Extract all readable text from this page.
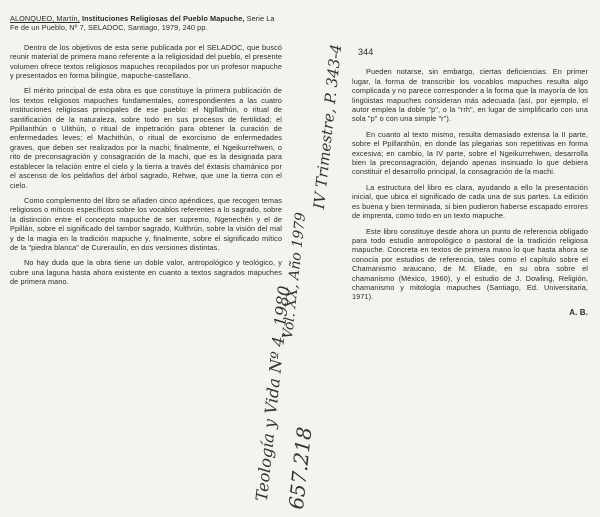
ALONQUEO, Martín, Instituciones Religiosas del Pueblo Mapuche, Serie La Fe de un Pueblo, Nº 7, SELADOC, Santiago, 1979, 240 pp.

Dentro de los objetivos de esta serie publicada por el SELADOC, que buscó reunir material de primera mano referente a la religiosidad del pueblo, el presente volumen ofrece textos religiosos mapuches recopilados por un profesor mapuche y presentados en forma bilingüe, mapuche-castellano.

El mérito principal de esta obra es que constituye la primera publicación de los textos religiosos mapuches fundamentales, correspondientes a las cuatro instituciones religiosas principales de ese pueblo: el Ngillathún, o ritual de santificación de la naturaleza, sobre todo en sus procesos de fertilidad; el Ppillanthún o Ulithún, o ritual de impetración para obtener la curación de enfermedades leves; el Machithún, o ritual de exorcismo de enfermedades graves, que deben ser realizados por la machi; finalmente, el Ngeikurrehwen, o rito de preconsagración y consagración de la machi, que es la designada para establecer la relación entre el cielo y la tierra a través del éxtasis chamánico por el ascenso de los peldaños del árbol sagrado, Rehwe, que une la tierra con el cielo.

Como complemento del libro se añaden cinco apéndices, que recogen temas religiosos o míticos específicos sobre los vocablos referentes a lo sagrado, sobre la distinción entre el concepto mapuche de ser supremo, Ngenechén y el de Ppillán, sobre el significado del tambor sagrado, Kulthrún, sobre la visión del mal y de la magia en la tradición mapuche y, finalmente, sobre el significado mítico de la "piedra blanca" de Cureraulín, en dos versiones distintas.

No hay duda que la obra tiene un doble valor, antropológico y teológico, y cubre una laguna hasta ahora existente en cuanto a textos sagrados mapuches de primera mano.

344

Pueden notarse, sin embargo, ciertas deficiencias. En primer lugar, la forma de transcribir los vocablos mapuches resulta algo complicada y no parece corresponder a la forma que la mayoría de los lingüistas mapuches consideran más adecuada (así, por ejemplo, el autor emplea la doble "p", o la "rrh", en lugar de simplificarlo con una sola "p" o con una simple "r").

En cuanto al texto mismo, resulta demasiado extensa la II parte, sobre el Ppillanthún, en donde las plegarias son repetitivas en forma excesiva; en cambio, la IV parte, sobre el Ngeikurrehwen, desarrolla bien la preconsagración, dejando apenas insinuado lo que debiera constituir el desarrollo principal, la consagración de la machi.

La estructura del libro es clara, ayudando a ello la presentación inicial, que ubica el significado de cada una de sus partes. La edición es buena y bien terminada, si bien pudieron haberse escapado errores de imprenta, como todo en un texto mapuche.

Este libro constituye desde ahora un punto de referencia obligado para todo estudio antropológico o pastoral de la tradición religiosa mapuche. Concreta en textos de primera mano lo que hasta ahora se conocía por estudios de referencia, tales como el capítulo sobre el Chamanismo araucano, de M. Eliade, en su obra sobre el chamanismo (México, 1960), y el estudio de J. Dowling, Religión, chamanismo y mitología mapuches (Santiago, Ed. Universitaria, 1971).

A. B.
Teología y Vida Nº 4, 1980
Vol. XX, Año 1979
IV Trimestre, P. 343-4
657.218
